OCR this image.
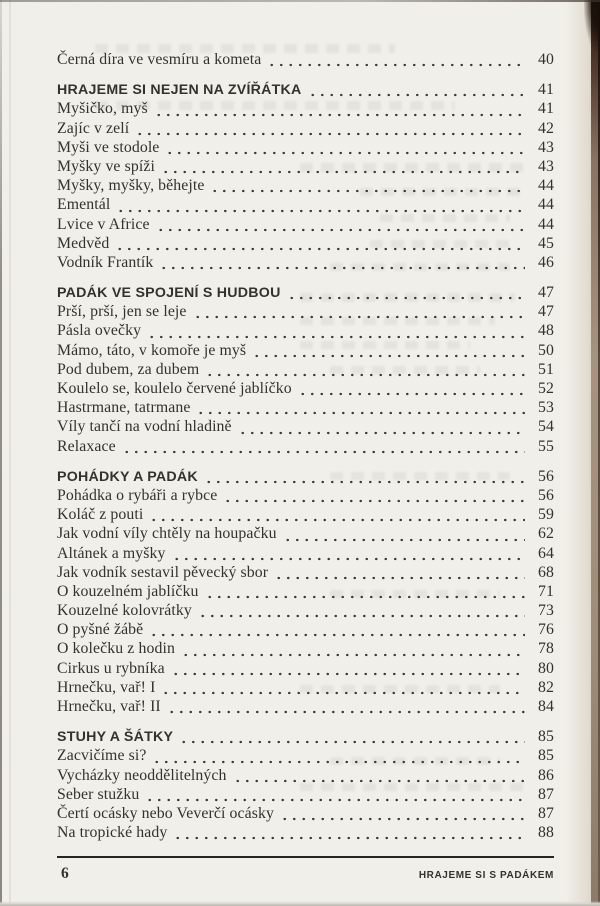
Černá díra ve vesmíru a kometa	40
HRAJEME SI NEJEN NA ZVÍŘÁTKA	41
Myšičko, myš	41
Zajíc v zelí	42
Myši ve stodole	43
Myšky ve spíži	43
Myšky, myšky, běhejte	44
Ementál	44
Lvice v Africe	44
Medvěd	45
Vodník Frantík	46
PADÁK VE SPOJENÍ S HUDBOU	47
Prší, prší, jen se leje	47
Pásla ovečky	48
Mámo, táto, v komoře je myš	50
Pod dubem, za dubem	51
Koulelo se, koulelo červené jablíčko	52
Hastrmane, tatrmane	53
Víly tančí na vodní hladině	54
Relaxace	55
POHÁDKY A PADÁK	56
Pohádka o rybáři a rybce	56
Koláč z pouti	59
Jak vodní víly chtěly na houpačku	62
Altánek a myšky	64
Jak vodník sestavil pěvecký sbor	68
O kouzelném jablíčku	71
Kouzelné kolovrátky	73
O pyšné žábě	76
O kolečku z hodin	78
Cirkus u rybníka	80
Hrnečku, vař! I	82
Hrnečku, vař! II	84
STUHY A ŠÁTKY	85
Zacvičíme si?	85
Vycházky neoddělitelných	86
Seber stužku	87
Čertí ocásky nebo Veverčí ocásky	87
Na tropické hady	88
6	HRAJEME SI S PADÁKEM
